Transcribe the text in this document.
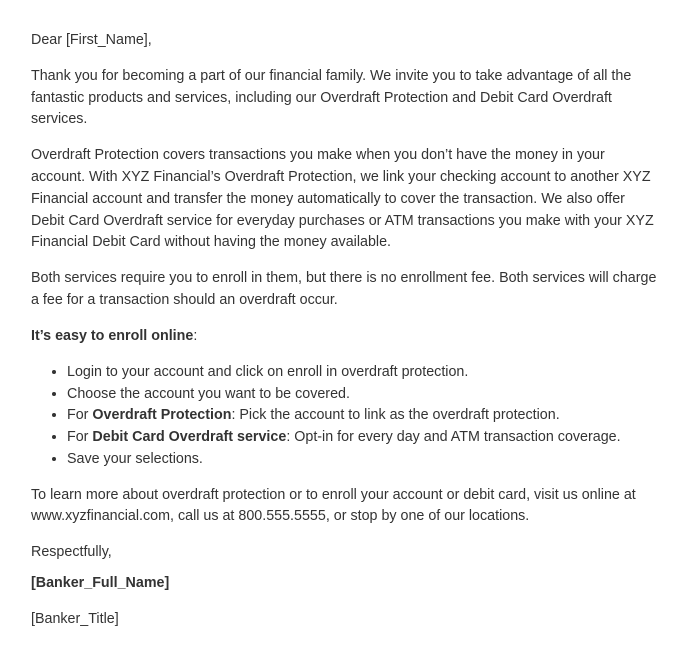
Dear [First_Name],

Thank you for becoming a part of our financial family. We invite you to take advantage of all the fantastic products and services, including our Overdraft Protection and Debit Card Overdraft services.

Overdraft Protection covers transactions you make when you don’t have the money in your account. With XYZ Financial’s Overdraft Protection, we link your checking account to another XYZ Financial account and transfer the money automatically to cover the transaction. We also offer Debit Card Overdraft service for everyday purchases or ATM transactions you make with your XYZ Financial Debit Card without having the money available.

Both services require you to enroll in them, but there is no enrollment fee. Both services will charge a fee for a transaction should an overdraft occur.

It’s easy to enroll online:

• Login to your account and click on enroll in overdraft protection.
• Choose the account you want to be covered.
• For Overdraft Protection: Pick the account to link as the overdraft protection.
• For Debit Card Overdraft service: Opt-in for every day and ATM transaction coverage.
• Save your selections.

To learn more about overdraft protection or to enroll your account or debit card, visit us online at www.xyzfinancial.com, call us at 800.555.5555, or stop by one of our locations.

Respectfully,

[Banker_Full_Name]

[Banker_Title]
